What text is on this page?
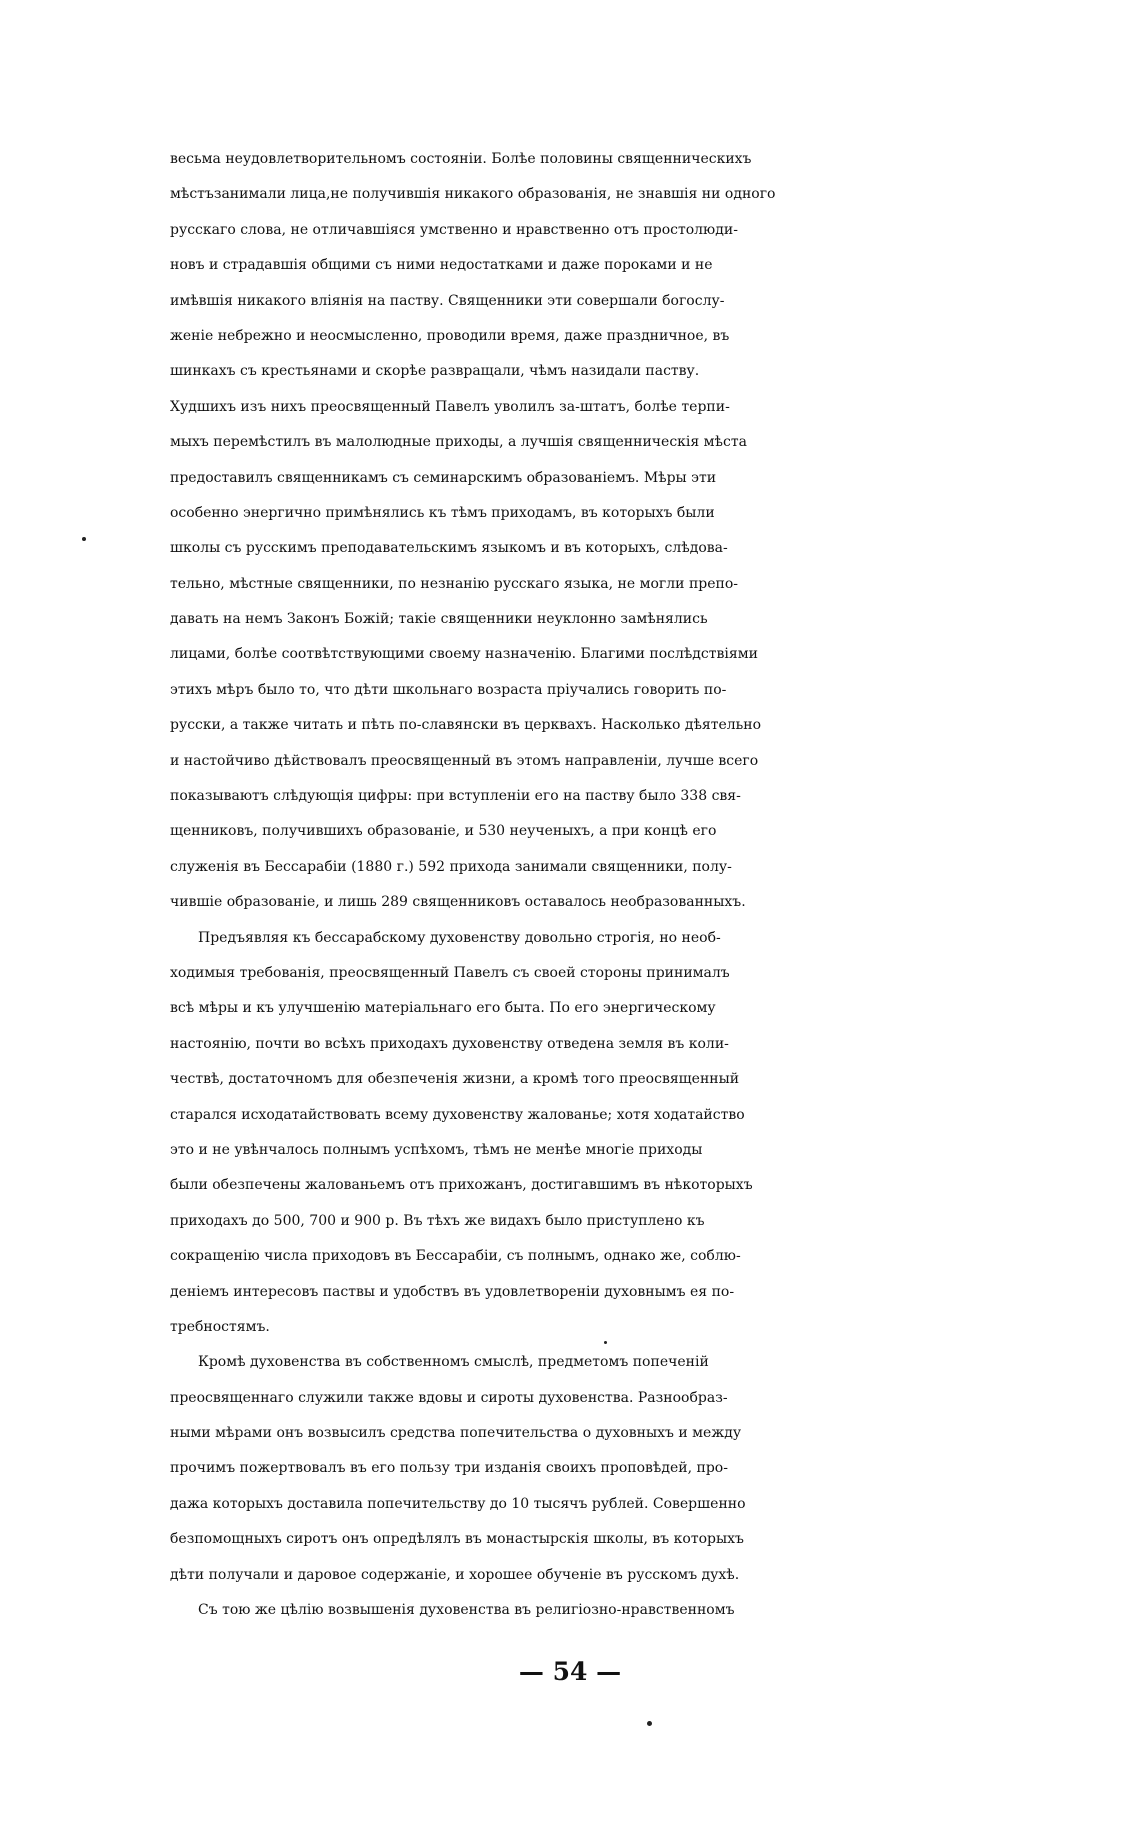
весьма неудовлетворительномъ состояніи. Болѣе половины священническихъ
мѣстъзанимали лица,не получившія никакого образованія, не знавшія ни одного
русскаго слова, не отличавшіяся умственно и нравственно отъ простолюди-
новъ и страдавшія общими съ ними недостатками и даже пороками и не
имѣвшія никакого вліянія на паству. Священники эти совершали богослу-
женіе небрежно и неосмысленно, проводили время, даже праздничное, въ
шинкахъ съ крестьянами и скорѣе развращали, чѣмъ назидали паству.
Худшихъ изъ нихъ преосвященный Павелъ уволилъ за-штатъ, болѣе терпи-
мыхъ перемѣстилъ въ малолюдные приходы, а лучшія священническія мѣста
предоставилъ священникамъ съ семинарскимъ образованіемъ. Мѣры эти
особенно энергично примѣнялись къ тѣмъ приходамъ, въ которыхъ были
школы съ русскимъ преподавательскимъ языкомъ и въ которыхъ, слѣдова-
тельно, мѣстные священники, по незнанію русскаго языка, не могли препо-
давать на немъ Законъ Божій; такіе священники неуклонно замѣнялись
лицами, болѣе соотвѣтствующими своему назначенію. Благими послѣдствіями
этихъ мѣръ было то, что дѣти школьнаго возраста пріучались говорить по-
русски, а также читать и пѣть по-славянски въ церквахъ. Насколько дѣятельно
и настойчиво дѣйствовалъ преосвященный въ этомъ направленіи, лучше всего
показываютъ слѣдующія цифры: при вступленіи его на паству было 338 свя-
щенниковъ, получившихъ образованіе, и 530 неученыхъ, а при концѣ его
служенія въ Бессарабіи (1880 г.) 592 прихода занимали священники, полу-
чившіе образованіе, и лишь 289 священниковъ оставалось необразованныхъ.
  Предъявляя къ бессарабскому духовенству довольно строгія, но необ-
ходимыя требованія, преосвященный Павелъ съ своей стороны принималъ
всѣ мѣры и къ улучшенію матеріальнаго его быта. По его энергическому
настоянію, почти во всѣхъ приходахъ духовенству отведена земля въ коли-
чествѣ, достаточномъ для обезпеченія жизни, а кромѣ того преосвященный
старался исходатайствовать всему духовенству жалованье; хотя ходатайство
это и не увѣнчалось полнымъ успѣхомъ, тѣмъ не менѣе многіе приходы
были обезпечены жалованьемъ отъ прихожанъ, достигавшимъ въ нѣкоторыхъ
приходахъ до 500, 700 и 900 р. Въ тѣхъ же видахъ было приступлено къ
сокращенію числа приходовъ въ Бессарабіи, съ полнымъ, однако же, соблю-
деніемъ интересовъ паствы и удобствъ въ удовлетвореніи духовнымъ ея по-
требностямъ.
  Кромѣ духовенства въ собственномъ смыслѣ, предметомъ попеченій
преосвященнаго служили также вдовы и сироты духовенства. Разнообраз-
ными мѣрами онъ возвысилъ средства попечительства о духовныхъ и между
прочимъ пожертвовалъ въ его пользу три изданія своихъ проповѣдей, про-
дажа которыхъ доставила попечительству до 10 тысячъ рублей. Совершенно
безпомощныхъ сиротъ онъ опредѣлялъ въ монастырскія школы, въ которыхъ
дѣти получали и даровое содержаніе, и хорошее обученіе въ русскомъ духѣ.
  Съ тою же цѣлію возвышенія духовенства въ религіозно-нравственномъ
— 54 —
